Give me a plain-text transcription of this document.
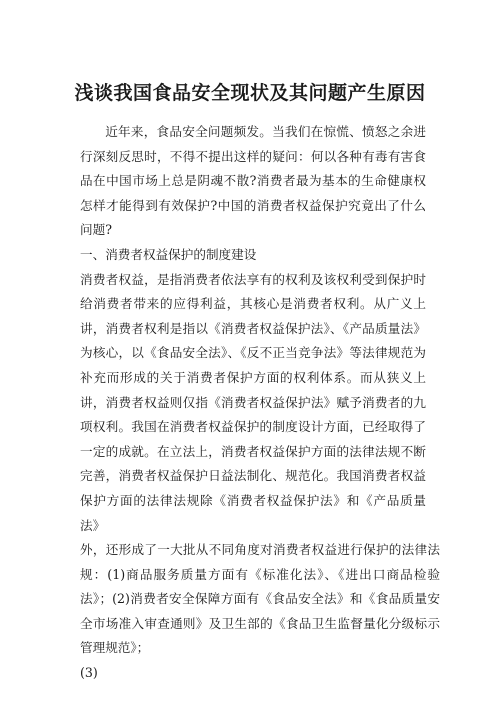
浅谈我国食品安全现状及其问题产生原因

近年来，食品安全问题频发。当我们在惊慌、愤怒之余进行深刻反思时，不得不提出这样的疑问：何以各种有毒有害食品在中国市场上总是阴魂不散?消费者最为基本的生命健康权怎样才能得到有效保护?中国的消费者权益保护究竟出了什么问题?

一、消费者权益保护的制度建设

消费者权益，是指消费者依法享有的权利及该权利受到保护时给消费者带来的应得利益，其核心是消费者权利。从广义上讲，消费者权利是指以《消费者权益保护法》、《产品质量法》为核心，以《食品安全法》、《反不正当竞争法》等法律规范为补充而形成的关于消费者保护方面的权利体系。而从狭义上讲，消费者权益则仅指《消费者权益保护法》赋予消费者的九项权利。我国在消费者权益保护的制度设计方面，已经取得了一定的成就。在立法上，消费者权益保护方面的法律法规不断完善，消费者权益保护日益法制化、规范化。我国消费者权益保护方面的法律法规除《消费者权益保护法》和《产品质量法》

外，还形成了一大批从不同角度对消费者权益进行保护的法律法规：(1)商品服务质量方面有《标准化法》、《进出口商品检验法》；(2)消费者安全保障方面有《食品安全法》和《食品质量安全市场准入审查通则》及卫生部的《食品卫生监督量化分级标示管理规范》；

(3)
